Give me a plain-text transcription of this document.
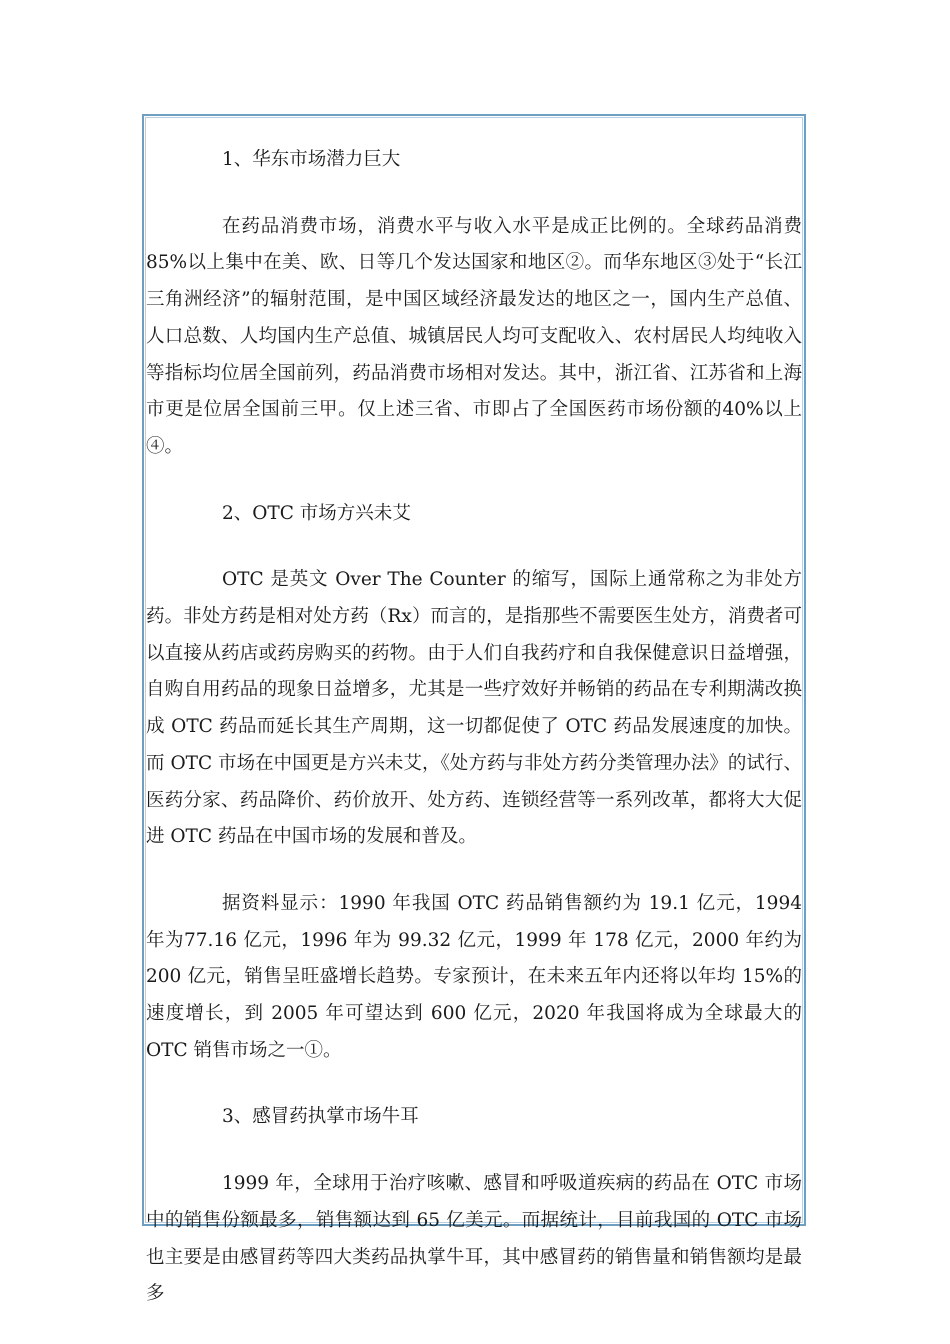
1、华东市场潜力巨大

在药品消费市场，消费水平与收入水平是成正比例的。全球药品消费85%以上集中在美、欧、日等几个发达国家和地区②。而华东地区③处于“长江三角洲经济”的辐射范围，是中国区域经济最发达的地区之一，国内生产总值、人口总数、人均国内生产总值、城镇居民人均可支配收入、农村居民人均纯收入等指标均位居全国前列，药品消费市场相对发达。其中，浙江省、江苏省和上海市更是位居全国前三甲。仅上述三省、市即占了全国医药市场份额的40%以上④。

2、OTC 市场方兴未艾

OTC 是英文 Over The Counter 的缩写，国际上通常称之为非处方药。非处方药是相对处方药（Rx）而言的，是指那些不需要医生处方，消费者可以直接从药店或药房购买的药物。由于人们自我药疗和自我保健意识日益增强，自购自用药品的现象日益增多，尤其是一些疗效好并畅销的药品在专利期满改换成 OTC 药品而延长其生产周期，这一切都促使了 OTC 药品发展速度的加快。而 OTC 市场在中国更是方兴未艾，《处方药与非处方药分类管理办法》的试行、医药分家、药品降价、药价放开、处方药、连锁经营等一系列改革，都将大大促进 OTC 药品在中国市场的发展和普及。

据资料显示：1990 年我国 OTC 药品销售额约为 19.1 亿元，1994 年为77.16 亿元，1996 年为 99.32 亿元，1999 年 178 亿元，2000 年约为 200 亿元，销售呈旺盛增长趋势。专家预计，在未来五年内还将以年均 15%的速度增长，到 2005 年可望达到 600 亿元，2020 年我国将成为全球最大的 OTC 销售市场之一①。

3、感冒药执掌市场牛耳

1999 年，全球用于治疗咳嗽、感冒和呼吸道疾病的药品在 OTC 市场中的销售份额最多，销售额达到 65 亿美元。而据统计，目前我国的 OTC 市场也主要是由感冒药等四大类药品执掌牛耳，其中感冒药的销售量和销售额均是最多
